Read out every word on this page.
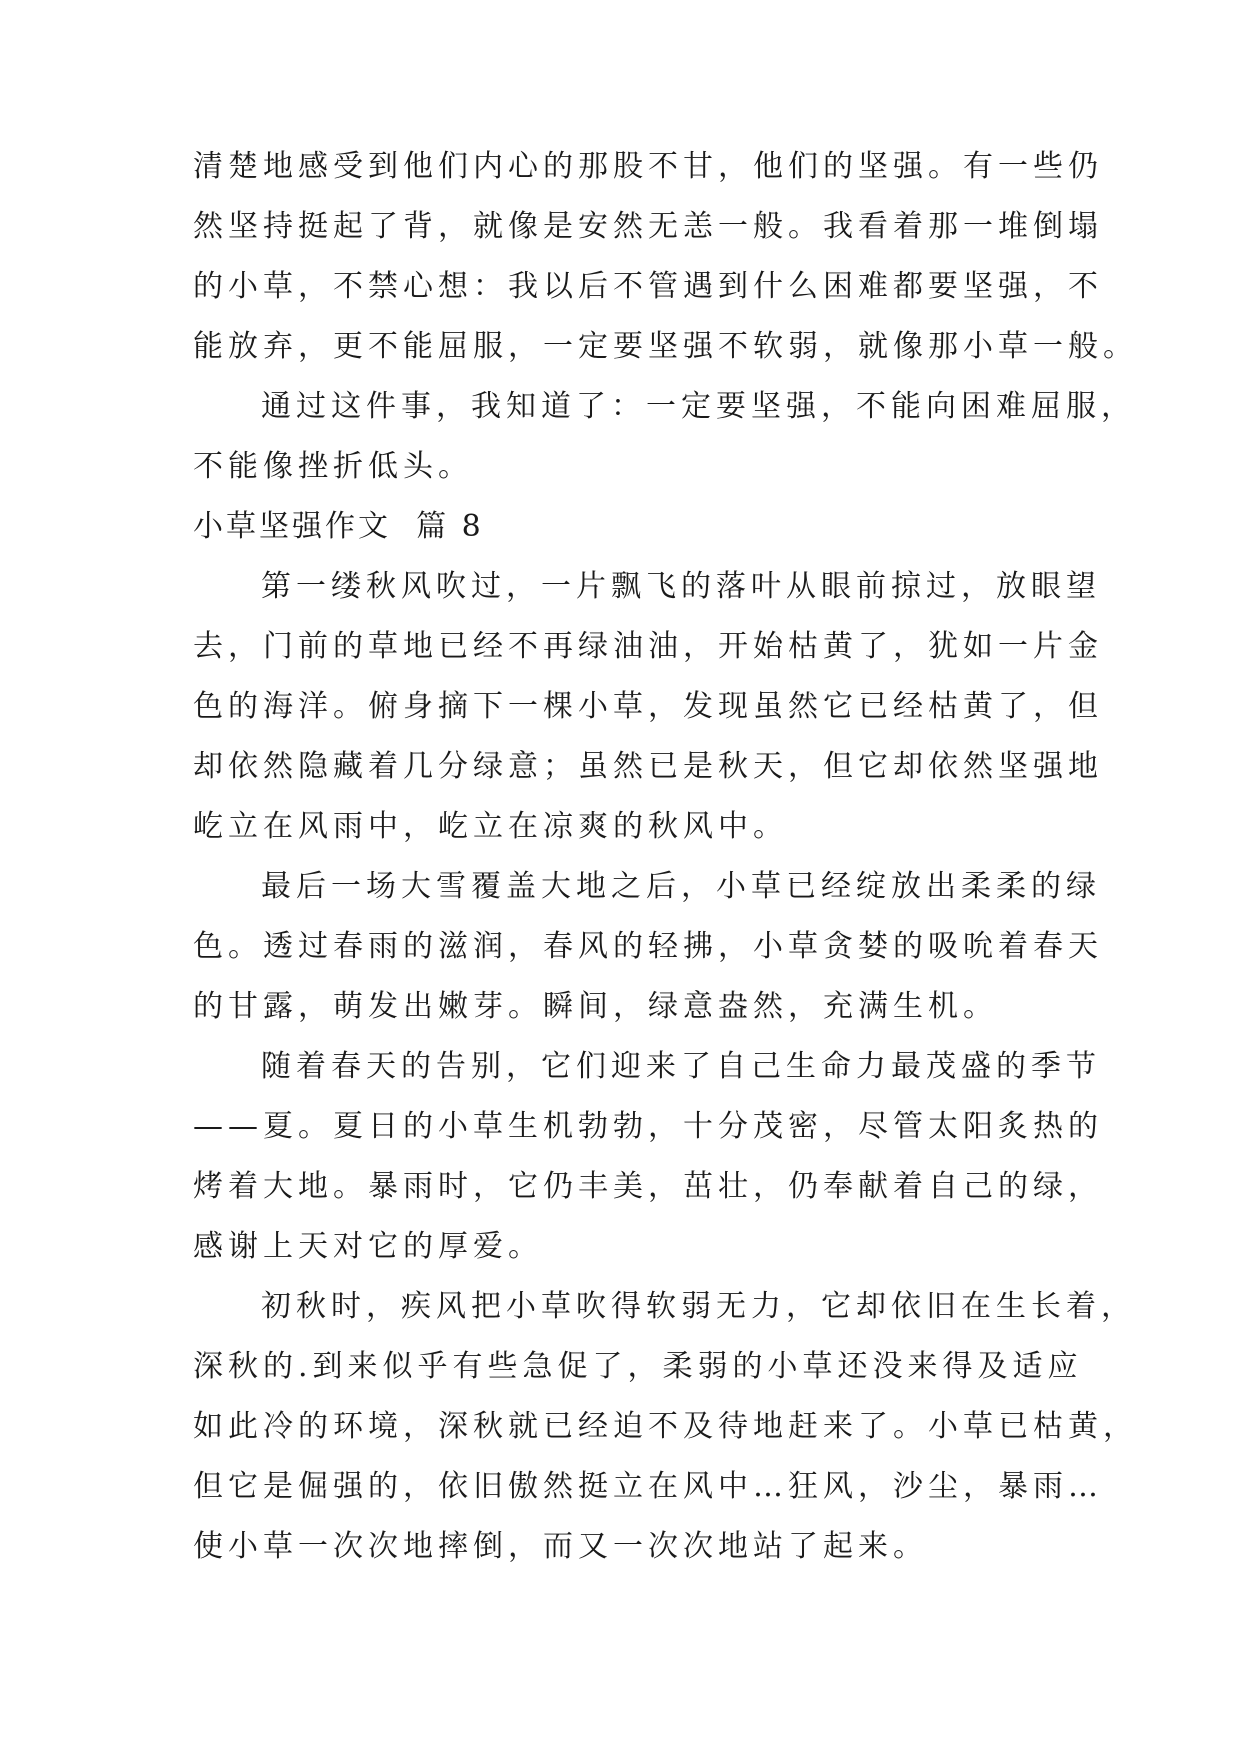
清楚地感受到他们内心的那股不甘，他们的坚强。有一些仍
然坚持挺起了背，就像是安然无恙一般。我看着那一堆倒塌
的小草，不禁心想：我以后不管遇到什么困难都要坚强，不
能放弃，更不能屈服，一定要坚强不软弱，就像那小草一般。
通过这件事，我知道了：一定要坚强，不能向困难屈服，
不能像挫折低头。
小草坚强作文  篇 8
第一缕秋风吹过，一片飘飞的落叶从眼前掠过，放眼望
去，门前的草地已经不再绿油油，开始枯黄了，犹如一片金
色的海洋。俯身摘下一棵小草，发现虽然它已经枯黄了，但
却依然隐藏着几分绿意；虽然已是秋天，但它却依然坚强地
屹立在风雨中，屹立在凉爽的秋风中。
最后一场大雪覆盖大地之后，小草已经绽放出柔柔的绿
色。透过春雨的滋润，春风的轻拂，小草贪婪的吸吮着春天
的甘露，萌发出嫩芽。瞬间，绿意盎然，充满生机。
随着春天的告别，它们迎来了自己生命力最茂盛的季节
——夏。夏日的小草生机勃勃，十分茂密，尽管太阳炙热的
烤着大地。暴雨时，它仍丰美，茁壮，仍奉献着自己的绿，
感谢上天对它的厚爱。
初秋时，疾风把小草吹得软弱无力，它却依旧在生长着，
深秋的.到来似乎有些急促了，柔弱的小草还没来得及适应
如此冷的环境，深秋就已经迫不及待地赶来了。小草已枯黄，
但它是倔强的，依旧傲然挺立在风中…狂风，沙尘，暴雨…
使小草一次次地摔倒，而又一次次地站了起来。
